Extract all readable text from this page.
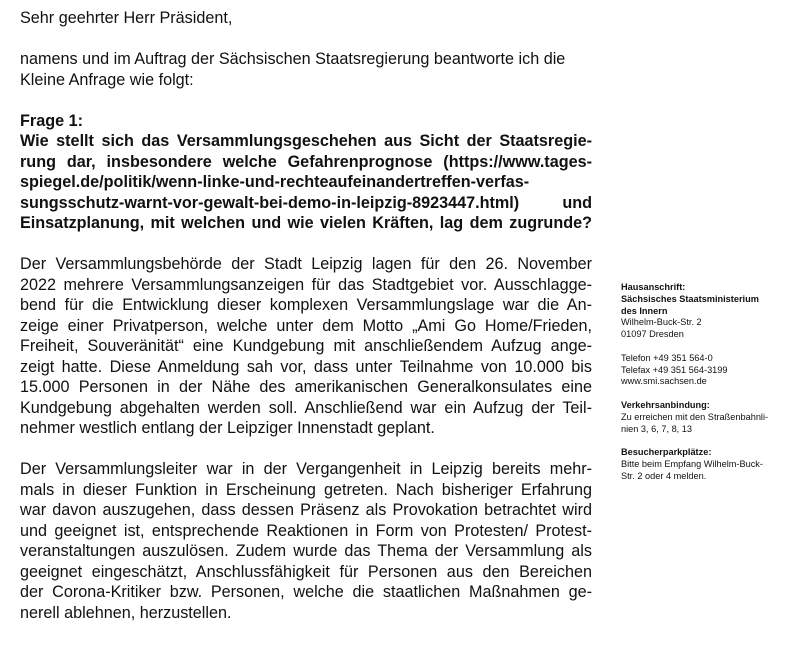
Sehr geehrter Herr Präsident,

namens und im Auftrag der Sächsischen Staatsregierung beantworte ich die
Kleine Anfrage wie folgt:

Frage 1:

Wie stellt sich das Versammlungsgeschehen aus Sicht der Staatsregie-
rung dar, insbesondere welche Gefahrenprognose (https://www.tages-
spiegel.de/politik/wenn-linke-und-rechteaufeinandertreffen-verfas-
sungsschutz-warnt-vor-gewalt-bei-demo-in-leipzig-8923447.html) und
Einsatzplanung, mit welchen und wie vielen Kräften, lag dem zugrunde?

Der Versammlungsbehörde der Stadt Leipzig lagen für den 26. November
2022 mehrere Versammlungsanzeigen für das Stadtgebiet vor. Ausschlagge-
bend für die Entwicklung dieser komplexen Versammlungslage war die An-
zeige einer Privatperson, welche unter dem Motto „Ami Go Home/Frieden,
Freiheit, Souveränität“ eine Kundgebung mit anschließendem Aufzug ange-
zeigt hatte. Diese Anmeldung sah vor, dass unter Teilnahme von 10.000 bis
15.000 Personen in der Nähe des amerikanischen Generalkonsulates eine
Kundgebung abgehalten werden soll. Anschließend war ein Aufzug der Teil-
nehmer westlich entlang der Leipziger Innenstadt geplant.

Der Versammlungsleiter war in der Vergangenheit in Leipzig bereits mehr-
mals in dieser Funktion in Erscheinung getreten. Nach bisheriger Erfahrung
war davon auszugehen, dass dessen Präsenz als Provokation betrachtet wird
und geeignet ist, entsprechende Reaktionen in Form von Protesten/ Protest-
veranstaltungen auszulösen. Zudem wurde das Thema der Versammlung als
geeignet eingeschätzt, Anschlussfähigkeit für Personen aus den Bereichen
der Corona-Kritiker bzw. Personen, welche die staatlichen Maßnahmen ge-
nerell ablehnen, herzustellen.

Hausanschrift:

Sächsisches Staatsministerium

des Innern

Wilhelm-Buck-Str. 2

01097 Dresden

Telefon +49 351 564-0

Telefax +49 351 564-3199

www.smi.sachsen.de

Verkehrsanbindung:

Zu erreichen mit den Straßenbahnli-

nien 3, 6, 7, 8, 13

Besucherparkplätze:

Bitte beim Empfang Wilhelm-Buck-

Str. 2 oder 4 melden.
